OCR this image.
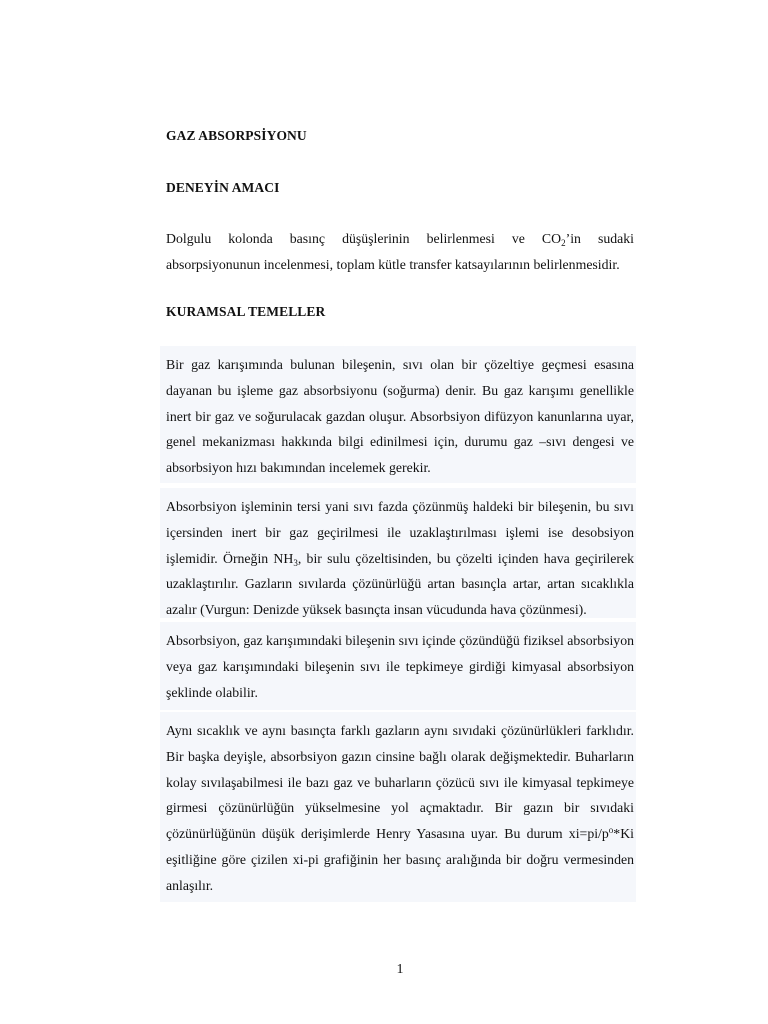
GAZ ABSORPSİYONU
DENEYİN AMACI
Dolgulu kolonda basınç düşüşlerinin belirlenmesi ve $CO_2’in$ sudaki absorpsiyonunun incelenmesi, toplam kütle transfer katsayılarının belirlenmesidir.
KURAMSAL TEMELLER
Bir gaz karışımında bulunan bileşenin, sıvı olan bir çözeltiye geçmesi esasına dayanan bu işleme gaz absorbsiyonu (soğurma) denir. Bu gaz karışımı genellikle inert bir gaz ve soğurulacak gazdan oluşur. Absorbsiyon difüzyon kanunlarına uyar, genel mekanizması hakkında bilgi edinilmesi için, durumu gaz –sıvı dengesi ve absorbsiyon hızı bakımından incelemek gerekir.
Absorbsiyon işleminin tersi yani sıvı fazda çözünmüş haldeki bir bileşenin, bu sıvı içersinden inert bir gaz geçirilmesi ile uzaklaştırılması işlemi ise desobsiyon işlemidir. Örneğin $NH_3$, bir sulu çözeltisinden, bu çözelti içinden hava geçirilerek uzaklaştırılır. Gazların sıvılarda çözünürlüğü artan basınçla artar, artan sıcaklıkla azalır (Vurgun: Denizde yüksek basınçta insan vücudunda hava çözünmesi).
Absorbsiyon, gaz karışımındaki bileşenin sıvı içinde çözündüğü fiziksel absorbsiyon veya gaz karışımındaki bileşenin sıvı ile tepkimeye girdiği kimyasal absorbsiyon şeklinde olabilir.
Aynı sıcaklık ve aynı basınçta farklı gazların aynı sıvıdaki çözünürlükleri farklıdır. Bir başka deyişle, absorbsiyon gazın cinsine bağlı olarak değişmektedir. Buharların kolay sıvılaşabilmesi ile bazı gaz ve buharların çözücü sıvı ile kimyasal tepkimeye girmesi çözünürlüğün yükselmesine yol açmaktadır. Bir gazın bir sıvıdaki çözünürlüğünün düşük derişimlerde Henry Yasasına uyar. Bu durum $xi=pi/p^o*Ki$ eşitliğine göre çizilen xi-pi grafiğinin her basınç aralığında bir doğru vermesinden anlaşılır.
1
